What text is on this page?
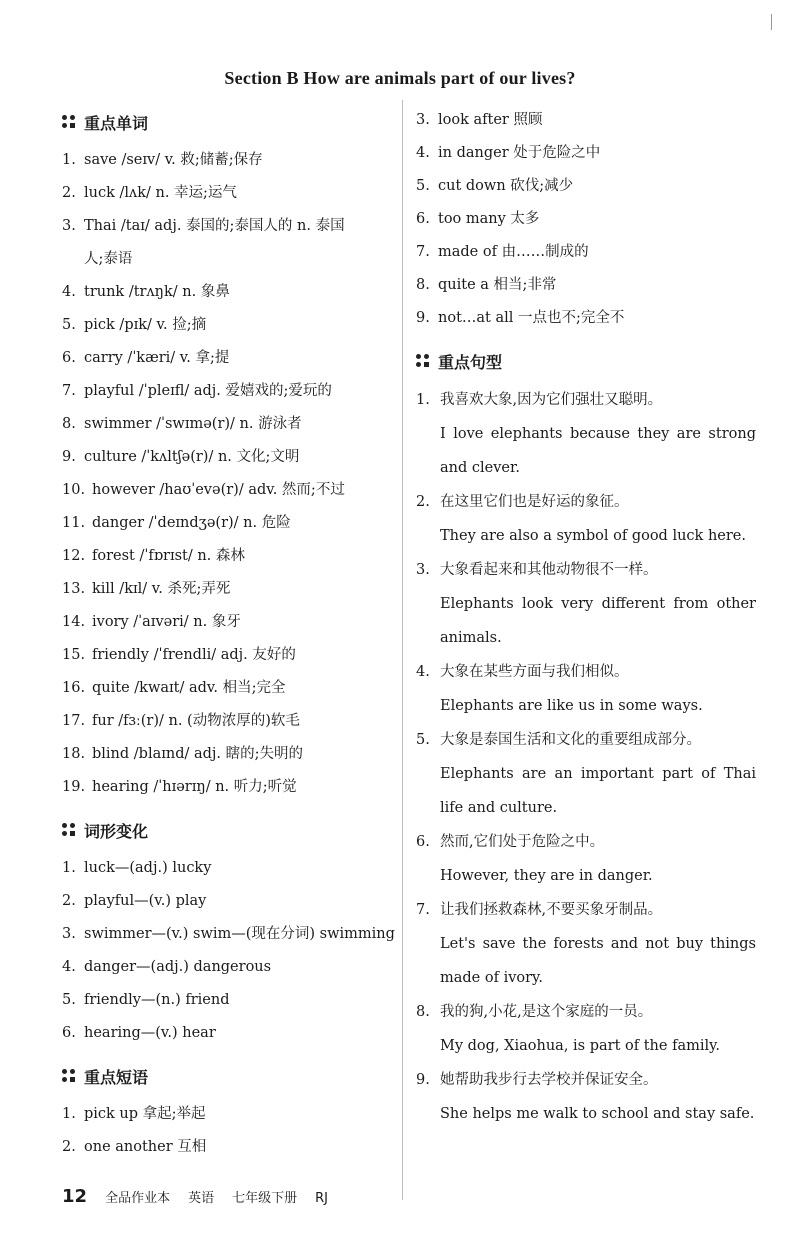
Section B How are animals part of our lives?
重点单词
1. save /seɪv/ v. 救;储蓄;保存
2. luck /lʌk/ n. 幸运;运气
3. Thai /taɪ/ adj. 泰国的;泰国人的 n. 泰国
人;泰语
4. trunk /trʌŋk/ n. 象鼻
5. pick /pɪk/ v. 捡;摘
6. carry /ˈkæri/ v. 拿;提
7. playful /ˈpleɪfl/ adj. 爱嬉戏的;爱玩的
8. swimmer /ˈswɪmə(r)/ n. 游泳者
9. culture /ˈkʌltʃə(r)/ n. 文化;文明
10. however /haʊˈevə(r)/ adv. 然而;不过
11. danger /ˈdeɪndʒə(r)/ n. 危险
12. forest /ˈfɒrɪst/ n. 森林
13. kill /kɪl/ v. 杀死;弄死
14. ivory /ˈaɪvəri/ n. 象牙
15. friendly /ˈfrendli/ adj. 友好的
16. quite /kwaɪt/ adv. 相当;完全
17. fur /fɜː(r)/ n. (动物浓厚的)软毛
18. blind /blaɪnd/ adj. 瞎的;失明的
19. hearing /ˈhɪərɪŋ/ n. 听力;听觉
词形变化
1. luck—(adj.) lucky
2. playful—(v.) play
3. swimmer—(v.) swim—(现在分词) swimming
4. danger—(adj.) dangerous
5. friendly—(n.) friend
6. hearing—(v.) hear
重点短语
1. pick up 拿起;举起
2. one another 互相
3. look after 照顾
4. in danger 处于危险之中
5. cut down 砍伐;减少
6. too many 太多
7. made of 由……制成的
8. quite a 相当;非常
9. not…at all 一点也不;完全不
重点句型
1. 我喜欢大象,因为它们强壮又聪明。
I love elephants because they are strong and clever.
2. 在这里它们也是好运的象征。
They are also a symbol of good luck here.
3. 大象看起来和其他动物很不一样。
Elephants look very different from other animals.
4. 大象在某些方面与我们相似。
Elephants are like us in some ways.
5. 大象是泰国生活和文化的重要组成部分。
Elephants are an important part of Thai life and culture.
6. 然而,它们处于危险之中。
However, they are in danger.
7. 让我们拯救森林,不要买象牙制品。
Let's save the forests and not buy things made of ivory.
8. 我的狗,小花,是这个家庭的一员。
My dog, Xiaohua, is part of the family.
9. 她帮助我步行去学校并保证安全。
She helps me walk to school and stay safe.
12 全品作业本 英语 七年级下册 RJ
